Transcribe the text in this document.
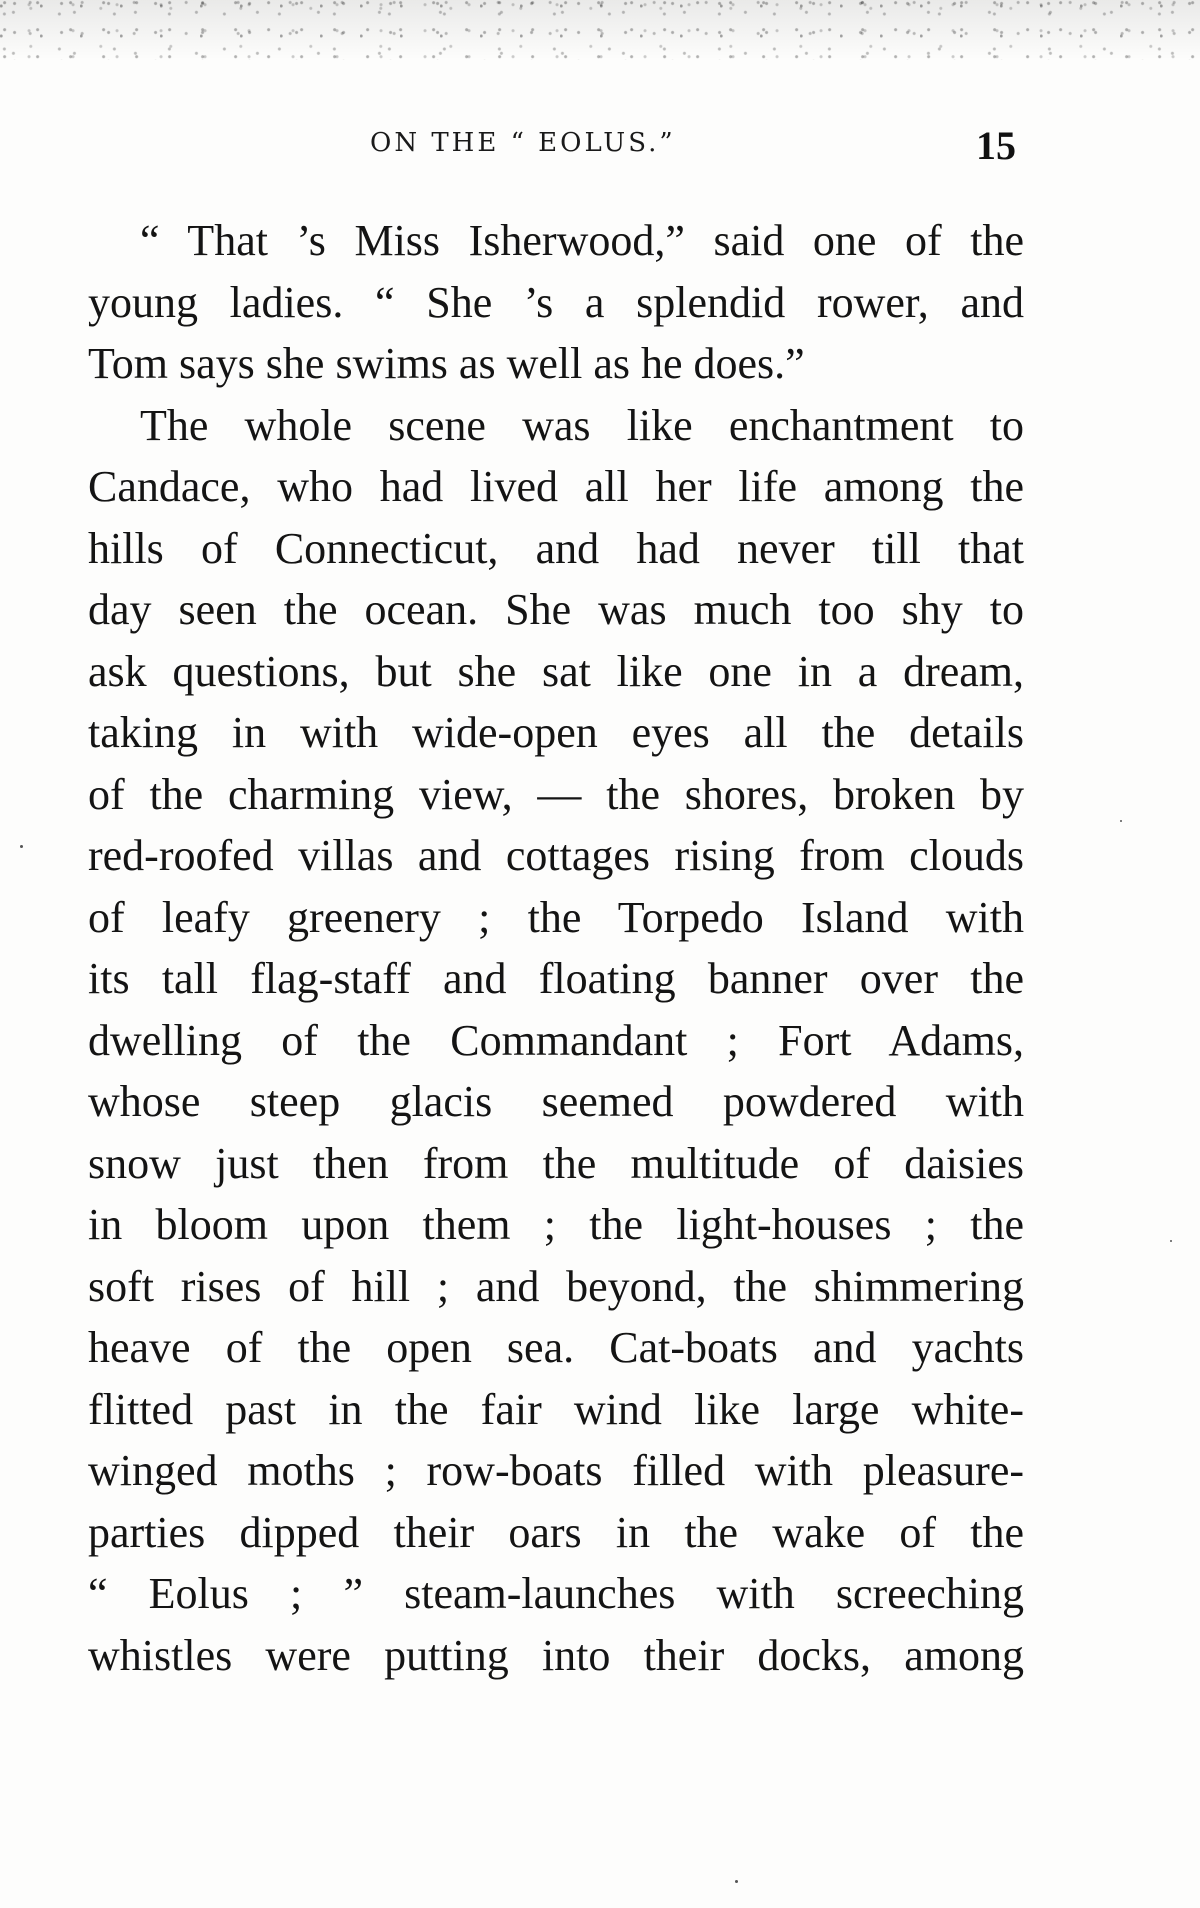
ON THE “ EOLUS.”	15

“ That ’s Miss Isherwood,” said one of the
young ladies. “ She ’s a splendid rower, and
Tom says she swims as well as he does.”

The whole scene was like enchantment to
Candace, who had lived all her life among the
hills of Connecticut, and had never till that
day seen the ocean. She was much too shy to
ask questions, but she sat like one in a dream,
taking in with wide-open eyes all the details
of the charming view, — the shores, broken by
red-roofed villas and cottages rising from clouds
of leafy greenery ; the Torpedo Island with
its tall flag-staff and floating banner over the
dwelling of the Commandant ; Fort Adams,
whose steep glacis seemed powdered with
snow just then from the multitude of daisies
in bloom upon them ; the light-houses ; the
soft rises of hill ; and beyond, the shimmering
heave of the open sea. Cat-boats and yachts
flitted past in the fair wind like large white-
winged moths ; row-boats filled with pleasure-
parties dipped their oars in the wake of the
“ Eolus ; ” steam-launches with screeching
whistles were putting into their docks, among
